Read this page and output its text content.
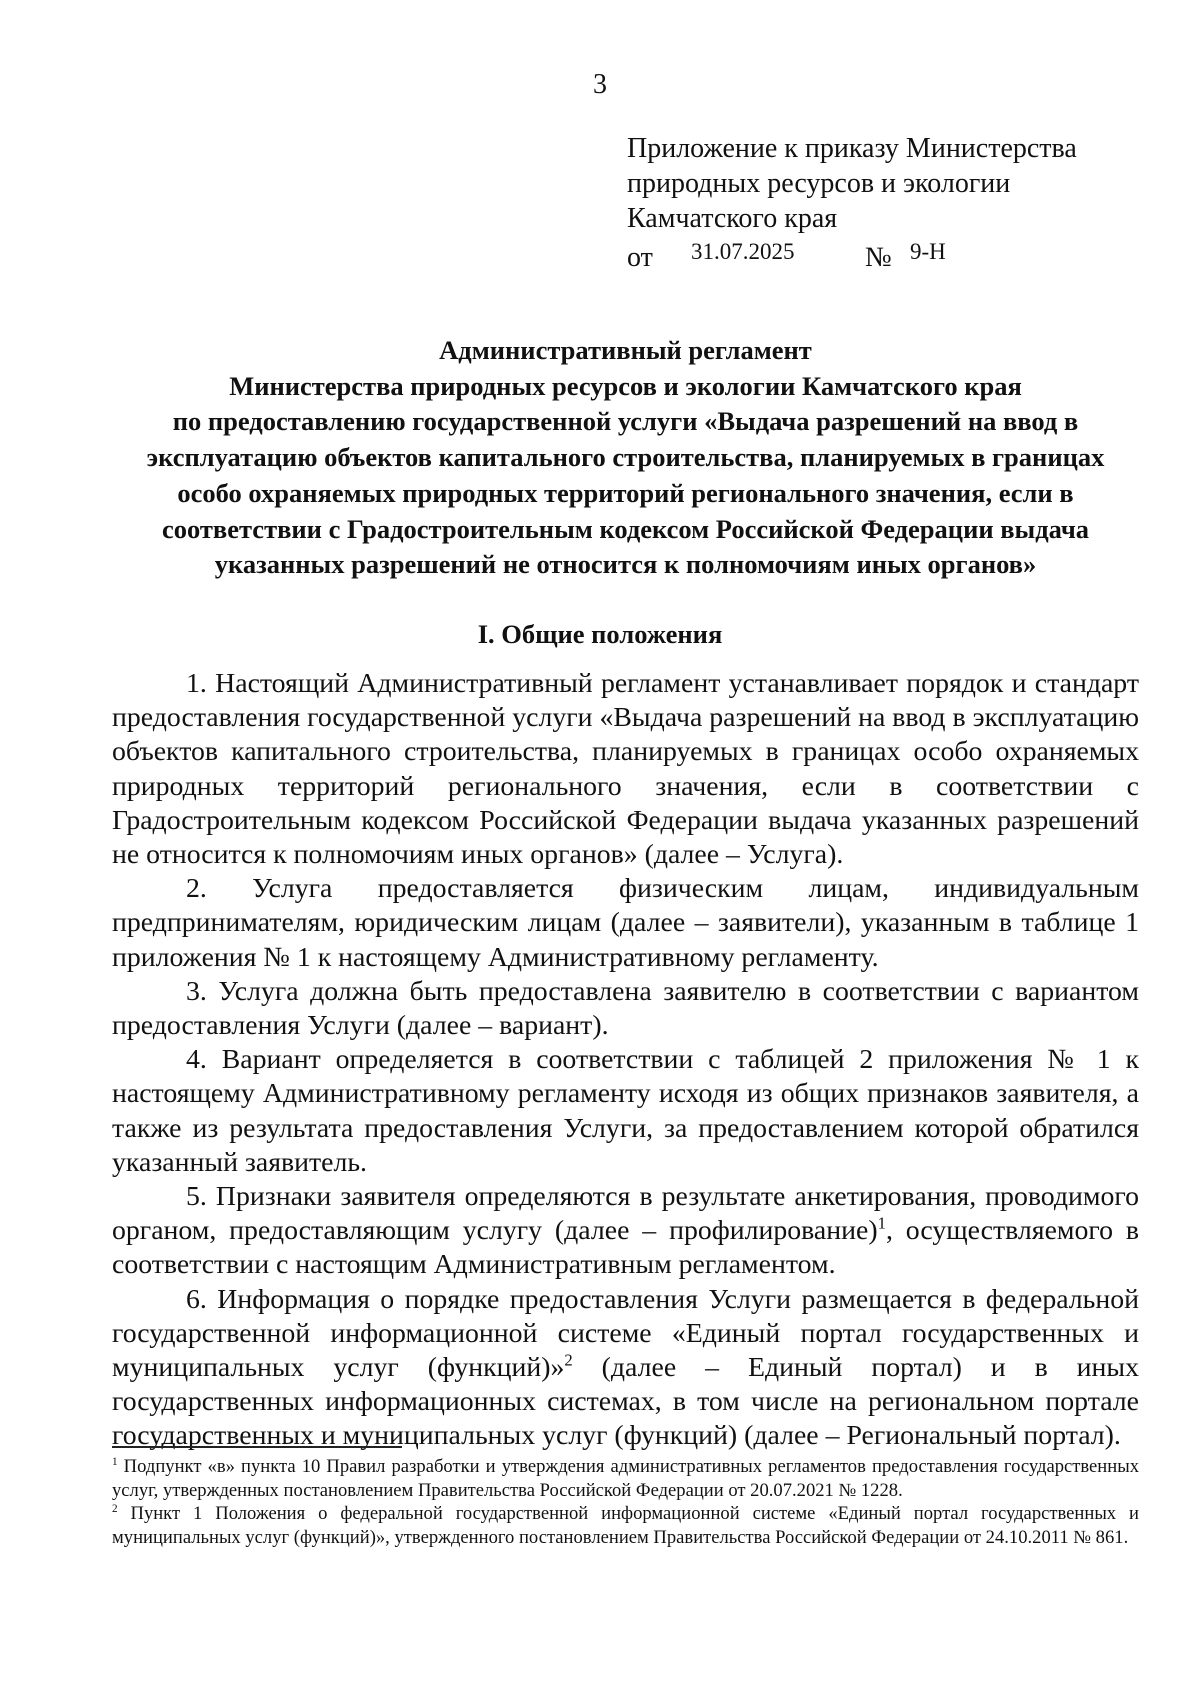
3
Приложение к приказу Министерства
природных ресурсов и экологии
Камчатского края
от 31.07.2025	№ 9-Н
Административный регламент
Министерства природных ресурсов и экологии Камчатского края
по предоставлению государственной услуги «Выдача разрешений на ввод в
эксплуатацию объектов капитального строительства, планируемых в границах
особо охраняемых природных территорий регионального значения, если в
соответствии с Градостроительным кодексом Российской Федерации выдача
указанных разрешений не относится к полномочиям иных органов»
I. Общие положения

1. Настоящий Административный регламент устанавливает порядок и стандарт предоставления государственной услуги «Выдача разрешений на ввод в эксплуатацию объектов капитального строительства, планируемых в границах особо охраняемых природных территорий регионального значения, если в соответствии с Градостроительным кодексом Российской Федерации выдача указанных разрешений не относится к полномочиям иных органов» (далее – Услуга).

2. Услуга предоставляется физическим лицам, индивидуальным предпринимателям, юридическим лицам (далее – заявители), указанным в таблице 1 приложения № 1 к настоящему Административному регламенту.

3. Услуга должна быть предоставлена заявителю в соответствии с вариантом предоставления Услуги (далее – вариант).

4. Вариант определяется в соответствии с таблицей 2 приложения № 1 к настоящему Административному регламенту исходя из общих признаков заявителя, а также из результата предоставления Услуги, за предоставлением которой обратился указанный заявитель.

5. Признаки заявителя определяются в результате анкетирования, проводимого органом, предоставляющим услугу (далее – профилирование)$^1$, осуществляемого в соответствии с настоящим Административным регламентом.

6. Информация о порядке предоставления Услуги размещается в федеральной государственной информационной системе «Единый портал государственных и муниципальных услуг (функций)»$^2$ (далее – Единый портал) и в иных государственных информационных системах, в том числе на региональном портале государственных и муниципальных услуг (функций) (далее – Региональный портал).

$^1$ Подпункт «в» пункта 10 Правил разработки и утверждения административных регламентов предоставления государственных услуг, утвержденных постановлением Правительства Российской Федерации от 20.07.2021 № 1228.

$^2$ Пункт 1 Положения о федеральной государственной информационной системе «Единый портал государственных и муниципальных услуг (функций)», утвержденного постановлением Правительства Российской Федерации от 24.10.2011 № 861.
